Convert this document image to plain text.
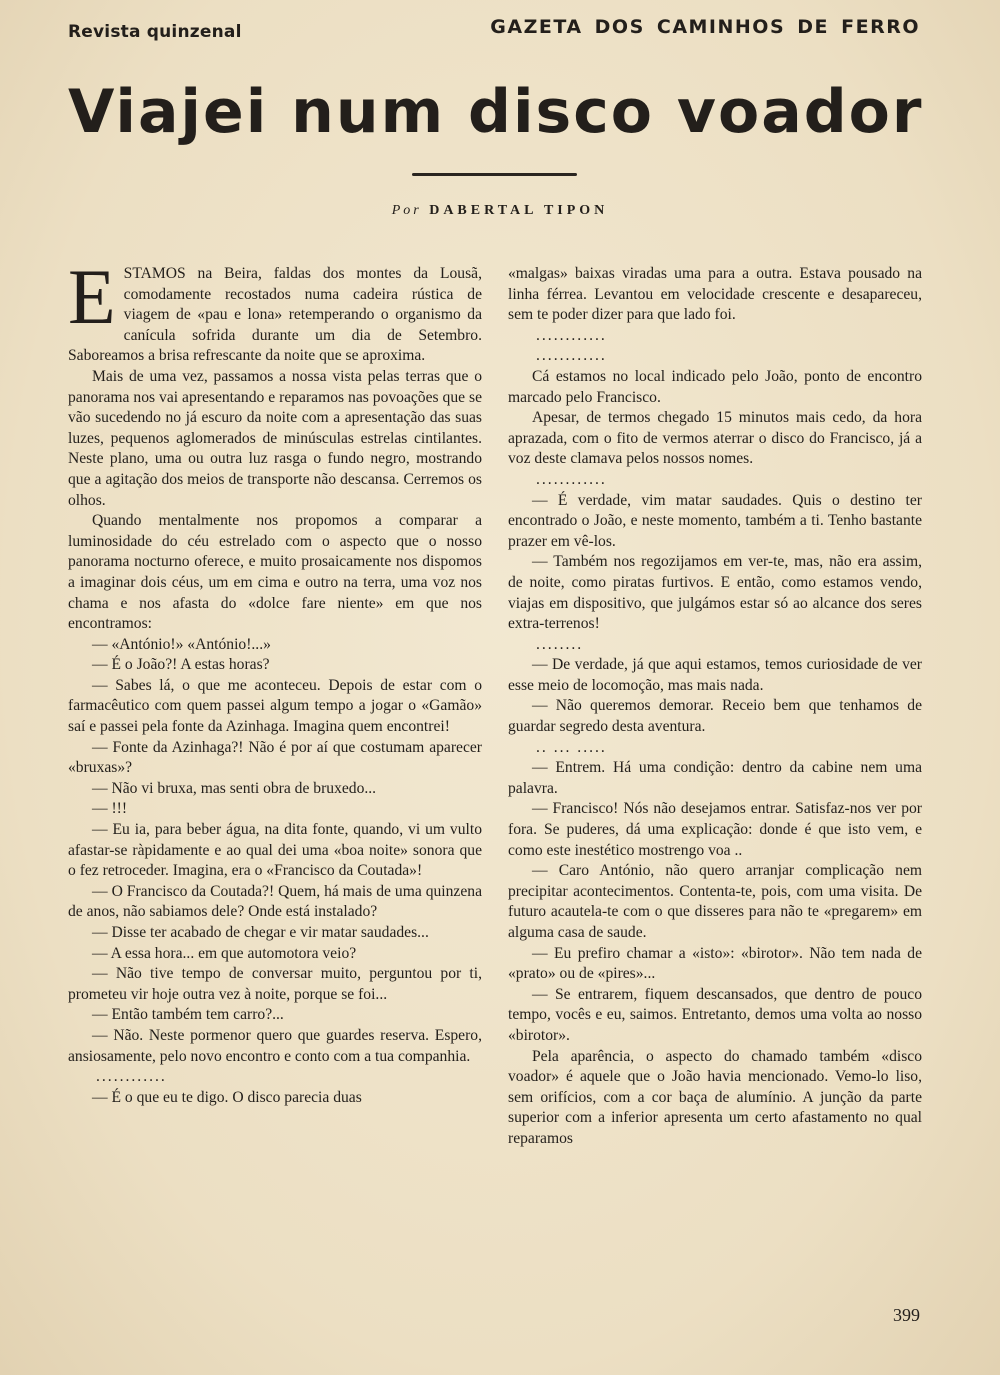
Revista quinzenal	GAZETA DOS CAMINHOS DE FERRO
Viajei num disco voador
Por DABERTAL TIPON

ESTAMOS na Beira, faldas dos montes da Lousã, comodamente recostados numa cadeira rústica de viagem de «pau e lona» retemperando o organismo da canícula sofrida durante um dia de Setembro. Saboreamos a brisa refrescante da noite que se aproxima.

Mais de uma vez, passamos a nossa vista pelas terras que o panorama nos vai apresentando e reparamos nas povoações que se vão sucedendo no já escuro da noite com a apresentação das suas luzes, pequenos aglomerados de minúsculas estrelas cintilantes. Neste plano, uma ou outra luz rasga o fundo negro, mostrando que a agitação dos meios de transporte não descansa. Cerremos os olhos.

Quando mentalmente nos propomos a comparar a luminosidade do céu estrelado com o aspecto que o nosso panorama nocturno oferece, e muito prosaicamente nos dispomos a imaginar dois céus, um em cima e outro na terra, uma voz nos chama e nos afasta do «dolce fare niente» em que nos encontramos:

— «António!» «António!...»

— É o João?! A estas horas?

— Sabes lá, o que me aconteceu. Depois de estar com o farmacêutico com quem passei algum tempo a jogar o «Gamão» saí e passei pela fonte da Azinhaga. Imagina quem encontrei!

— Fonte da Azinhaga?! Não é por aí que costumam aparecer «bruxas»?

— Não vi bruxa, mas senti obra de bruxedo...

— !!!

— Eu ia, para beber água, na dita fonte, quando, vi um vulto afastar-se ràpidamente e ao qual dei uma «boa noite» sonora que o fez retroceder. Imagina, era o «Francisco da Coutada»!

— O Francisco da Coutada?! Quem, há mais de uma quinzena de anos, não sabiamos dele? Onde está instalado?

— Disse ter acabado de chegar e vir matar saudades...

— A essa hora... em que automotora veio?

— Não tive tempo de conversar muito, perguntou por ti, prometeu vir hoje outra vez à noite, porque se foi...

— Então também tem carro?...

— Não. Neste pormenor quero que guardes reserva. Espero, ansiosamente, pelo novo encontro e conto com a tua companhia.

............

— É o que eu te digo. O disco parecia duas

«malgas» baixas viradas uma para a outra. Estava pousado na linha férrea. Levantou em velocidade crescente e desapareceu, sem te poder dizer para que lado foi.

............

............

Cá estamos no local indicado pelo João, ponto de encontro marcado pelo Francisco.

Apesar, de termos chegado 15 minutos mais cedo, da hora aprazada, com o fito de vermos aterrar o disco do Francisco, já a voz deste clamava pelos nossos nomes.

............

— É verdade, vim matar saudades. Quis o destino ter encontrado o João, e neste momento, também a ti. Tenho bastante prazer em vê-los.

— Também nos regozijamos em ver-te, mas, não era assim, de noite, como piratas furtivos. E então, como estamos vendo, viajas em dispositivo, que julgámos estar só ao alcance dos seres extra-terrenos!

........

— De verdade, já que aqui estamos, temos curiosidade de ver esse meio de locomoção, mas mais nada.

— Não queremos demorar. Receio bem que tenhamos de guardar segredo desta aventura.

.. ... .....

— Entrem. Há uma condição: dentro da cabine nem uma palavra.

— Francisco! Nós não desejamos entrar. Satisfaz-nos ver por fora. Se puderes, dá uma explicação: donde é que isto vem, e como este inestético mostrengo voa ..

— Caro António, não quero arranjar complicação nem precipitar acontecimentos. Contenta-te, pois, com uma visita. De futuro acautela-te com o que disseres para não te «pregarem» em alguma casa de saude.

— Eu prefiro chamar a «isto»: «birotor». Não tem nada de «prato» ou de «pires»...

— Se entrarem, fiquem descansados, que dentro de pouco tempo, vocês e eu, saimos. Entretanto, demos uma volta ao nosso «birotor».

Pela aparência, o aspecto do chamado também «disco voador» é aquele que o João havia mencionado. Vemo-lo liso, sem orifícios, com a cor baça de alumínio. A junção da parte superior com a inferior apresenta um certo afastamento no qual reparamos

399
